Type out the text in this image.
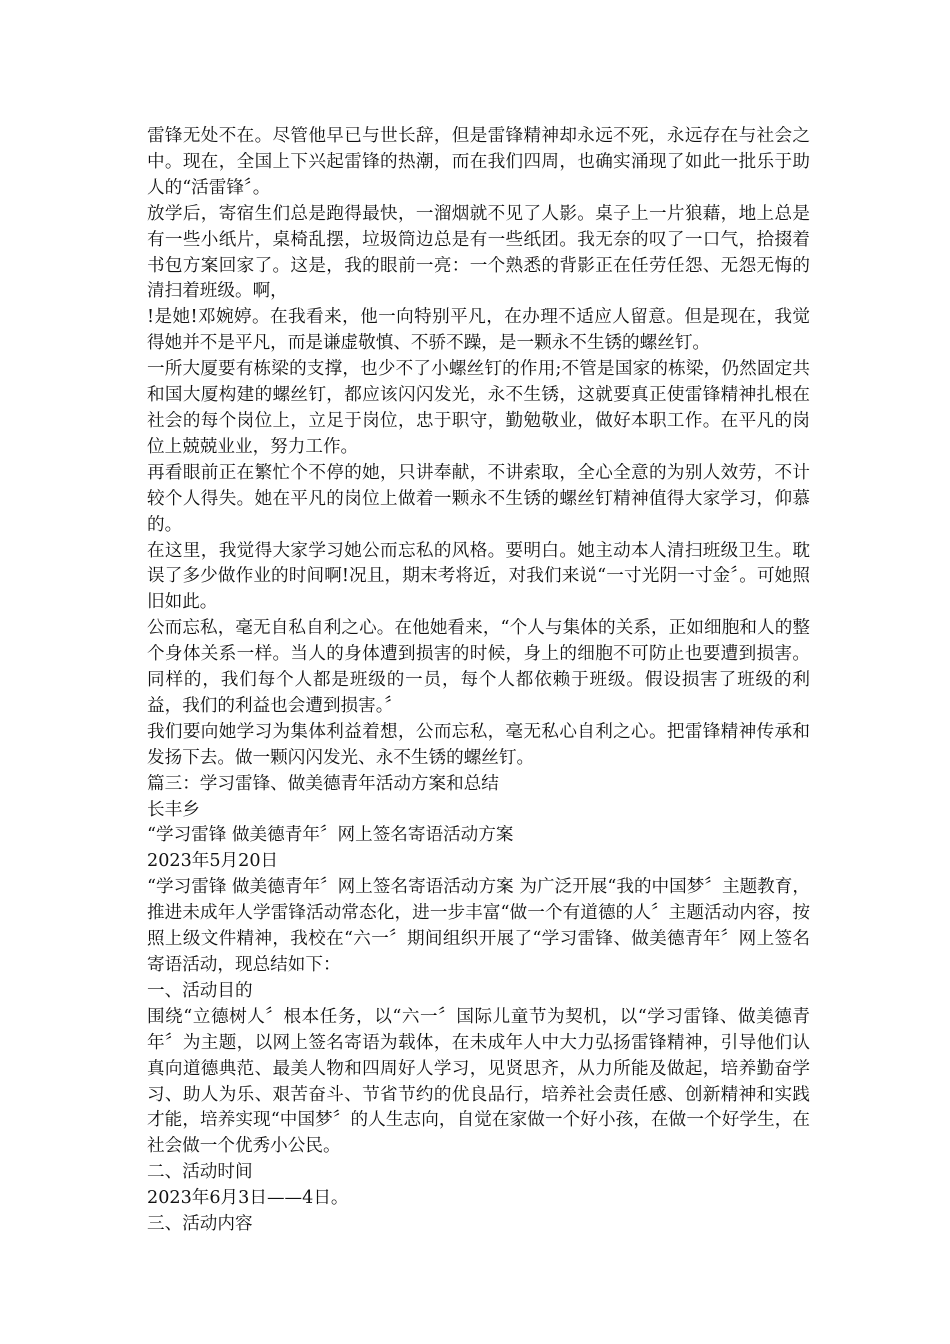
雷锋无处不在。尽管他早已与世长辞，但是雷锋精神却永远不死，永远存在与社会之中。现在，全国上下兴起雷锋的热潮，而在我们四周，也确实涌现了如此一批乐于助人的“活雷锋〞。

放学后，寄宿生们总是跑得最快，一溜烟就不见了人影。桌子上一片狼藉，地上总是有一些小纸片，桌椅乱摆，垃圾筒边总是有一些纸团。我无奈的叹了一口气，拾掇着书包方案回家了。这是，我的眼前一亮：一个熟悉的背影正在任劳任怨、无怨无悔的清扫着班级。啊，

!是她!邓婉婷。在我看来，他一向特别平凡，在办理不适应人留意。但是现在，我觉得她并不是平凡，而是谦虚敬慎、不骄不躁，是一颗永不生锈的螺丝钉。

一所大厦要有栋梁的支撑，也少不了小螺丝钉的作用;不管是国家的栋梁，仍然固定共和国大厦构建的螺丝钉，都应该闪闪发光，永不生锈，这就要真正使雷锋精神扎根在社会的每个岗位上，立足于岗位，忠于职守，勤勉敬业，做好本职工作。在平凡的岗位上兢兢业业，努力工作。

再看眼前正在繁忙个不停的她，只讲奉献，不讲索取，全心全意的为别人效劳，不计较个人得失。她在平凡的岗位上做着一颗永不生锈的螺丝钉精神值得大家学习，仰慕的。

在这里，我觉得大家学习她公而忘私的风格。要明白。她主动本人清扫班级卫生。耽误了多少做作业的时间啊!况且，期末考将近，对我们来说“一寸光阴一寸金〞。可她照旧如此。

公而忘私，毫无自私自利之心。在他她看来，“个人与集体的关系，正如细胞和人的整个身体关系一样。当人的身体遭到损害的时候，身上的细胞不可防止也要遭到损害。同样的，我们每个人都是班级的一员，每个人都依赖于班级。假设损害了班级的利益，我们的利益也会遭到损害。〞

我们要向她学习为集体利益着想，公而忘私，毫无私心自利之心。把雷锋精神传承和发扬下去。做一颗闪闪发光、永不生锈的螺丝钉。

篇三：学习雷锋、做美德青年活动方案和总结

长丰乡

“学习雷锋 做美德青年〞网上签名寄语活动方案

2023年5月20日

“学习雷锋 做美德青年〞网上签名寄语活动方案 为广泛开展“我的中国梦〞主题教育，推进未成年人学雷锋活动常态化，进一步丰富“做一个有道德的人〞主题活动内容，按照上级文件精神，我校在“六一〞期间组织开展了“学习雷锋、做美德青年〞网上签名寄语活动，现总结如下：

一、活动目的

围绕“立德树人〞根本任务，以“六一〞国际儿童节为契机，以“学习雷锋、做美德青年〞为主题，以网上签名寄语为载体，在未成年人中大力弘扬雷锋精神，引导他们认真向道德典范、最美人物和四周好人学习，见贤思齐，从力所能及做起，培养勤奋学习、助人为乐、艰苦奋斗、节省节约的优良品行，培养社会责任感、创新精神和实践才能，培养实现“中国梦〞的人生志向，自觉在家做一个好小孩，在做一个好学生，在社会做一个优秀小公民。

二、活动时间

2023年6月3日——4日。

三、活动内容
